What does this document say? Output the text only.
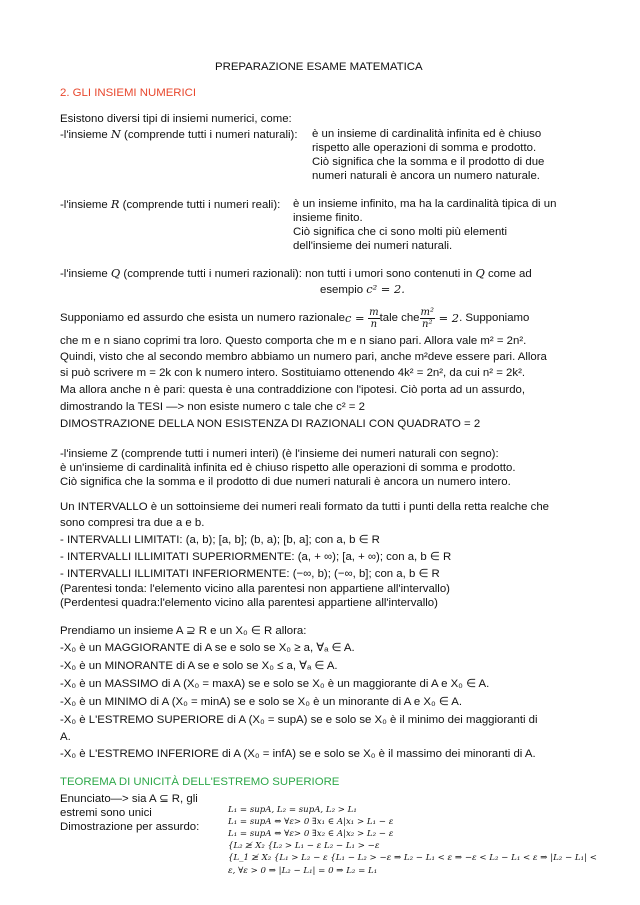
PREPARAZIONE ESAME MATEMATICA
2. GLI INSIEMI NUMERICI
Esistono diversi tipi di insiemi numerici, come:
-l'insieme N (comprende tutti i numeri naturali): è un insieme di cardinalità infinita ed è chiuso
rispetto alle operazioni di somma e prodotto.
Ciò significa che la somma e il prodotto di due
numeri naturali è ancora un numero naturale.
-l'insieme R (comprende tutti i numeri reali): è un insieme infinito, ma ha la cardinalità tipica di un
insieme finito.
Ciò significa che ci sono molti più elementi
dell'insieme dei numeri naturali.
-l'insieme Q (comprende tutti i numeri razionali): non tutti i umori sono contenuti in Q come ad
esempio c² = 2.
Supponiamo ed assurdo che esista un numero razionale $c = \frac{m}{n}$ tale che $\frac{\text{m²}}{\text{n²}} = 2$ . Supponiamo
che m e n siano coprimi tra loro. Questo comporta che m e n siano pari. Allora vale m² = 2n².
Quindi, visto che al secondo membro abbiamo un numero pari, anche m²deve essere pari. Allora
si può scrivere m = 2k con k numero intero. Sostituiamo ottenendo 4k² = 2n², da cui n² = 2k².
Ma allora anche n è pari: questa è una contraddizione con l'ipotesi. Ciò porta ad un assurdo,
dimostrando la TESI —> non esiste numero c tale che c² = 2
DIMOSTRAZIONE DELLA NON ESISTENZA DI RAZIONALI CON QUADRATO = 2
-l'insieme Z (comprende tutti i numeri interi) (è l'insieme dei numeri naturali con segno):
è un'insieme di cardinalità infinita ed è chiuso rispetto alle operazioni di somma e prodotto.
Ciò significa che la somma e il prodotto di due numeri naturali è ancora un numero intero.
Un INTERVALLO è un sottoinsieme dei numeri reali formato da tutti i punti della retta realche che
sono compresi tra due a e b.
- INTERVALLI LIMITATI: (a, b); [a, b]; (b, a); [b, a]; con a, b ∈ R
- INTERVALLI ILLIMITATI SUPERIORMENTE: (a, + ∞); [a, + ∞); con a, b ∈ R
- INTERVALLI ILLIMITATI INFERIORMENTE: (−∞, b); (−∞, b]; con a, b ∈ R
(Parentesi tonda: l'elemento vicino alla parentesi non appartiene all'intervallo)
(Perdentesi quadra:l'elemento vicino alla parentesi appartiene all'intervallo)
Prendiamo un insieme A ⊇ R e un X₀ ∈ R allora:
-X₀ è un MAGGIORANTE di A se e solo se X₀ ≥ a, ∀ₐ ∈ A.
-X₀ è un MINORANTE di A se e solo se X₀ ≤ a, ∀ₐ ∈ A.
-X₀ è un MASSIMO di A (X₀ = maxA) se e solo se X₀ è un maggiorante di A e X₀ ∈ A.
-X₀ è un MINIMO di A (X₀ = minA) se e solo se X₀ è un minorante di A e X₀ ∈ A.
-X₀ è L'ESTREMO SUPERIORE di A (X₀ = supA) se e solo se X₀ è il minimo dei maggioranti di
A.
-X₀ è L'ESTREMO INFERIORE di A (X₀ = infA) se e solo se X₀ è il massimo dei minoranti di A.
TEOREMA DI UNICITÀ DELL'ESTREMO SUPERIORE
Enunciato—> sia A ⊆ R, gli
estremi sono unici
Dimostrazione per assurdo:
L₁ = supA, L₂ = supA, L₂ > L₁
L₁ = supA ⇔ ∀ε> 0 ∃x₁ ∈ A|x₁ > L₁ − ε
L₁ = supA ⇔ ∀ε> 0 ∃x₂ ∈ A|x₂ > L₂ − ε
{L₂ ≱ X₂ {L₂ > L₁ − ε L₂ − L₁ > −ε
{L_1 ≱ X₂ {L₁ > L₂ − ε {L₁ − L₂ > −ε ⇒ L₂ − L₁ < ε ⇒ −ε < L₂ − L₁ < ε ⇒ |L₂ − L₁| <
ε, ∀ε > 0 ⇒ |L₂ − L₁| = 0 ⇒ L₂ = L₁
